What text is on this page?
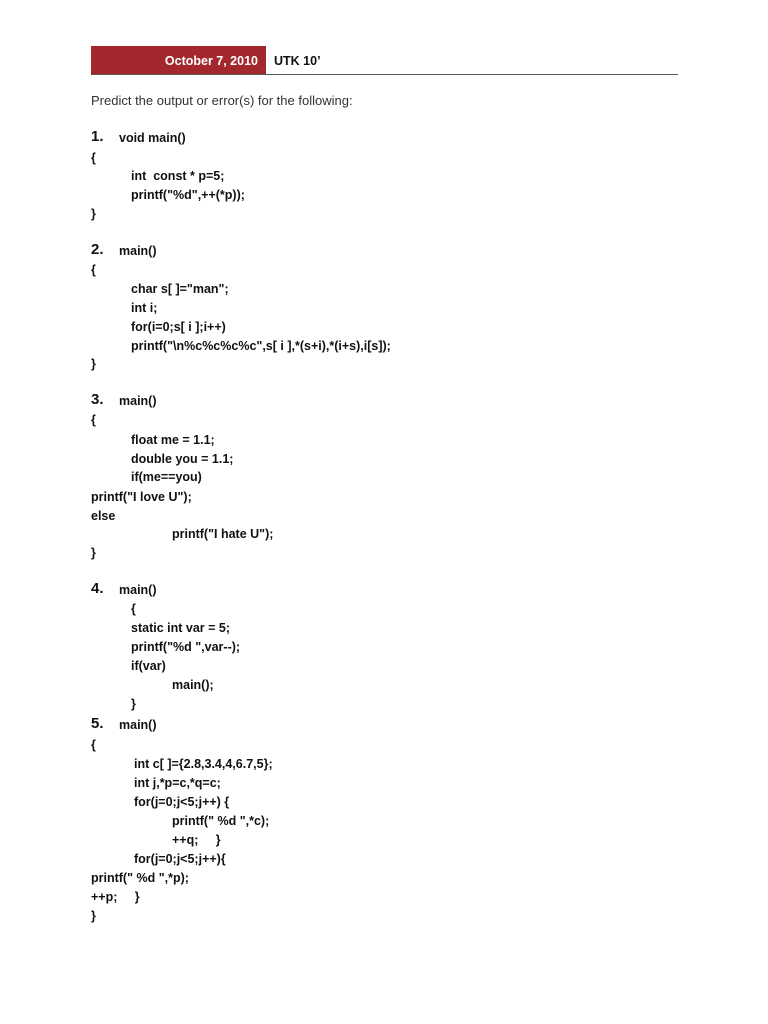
October 7, 2010	UTK 10’
Predict the output or error(s) for the following:
1. void main()
{
int  const * p=5;
printf("%d",++(*p));
}
2. main()
{
char s[ ]="man";
int i;
for(i=0;s[ i ];i++)
printf("\n%c%c%c%c",s[ i ],*(s+i),*(i+s),i[s]);
}
3. main()
{
float me = 1.1;
double you = 1.1;
if(me==you)
printf("I love U");
else
printf("I hate U");
}
4. main()
{
static int var = 5;
printf("%d ",var--);
if(var)
main();
}
5. main()
{
int c[ ]={2.8,3.4,4,6.7,5};
int j,*p=c,*q=c;
for(j=0;j<5;j++) {
printf(" %d ",*c);
++q;     }
for(j=0;j<5;j++){
printf(" %d ",*p);
++p;     }
}
